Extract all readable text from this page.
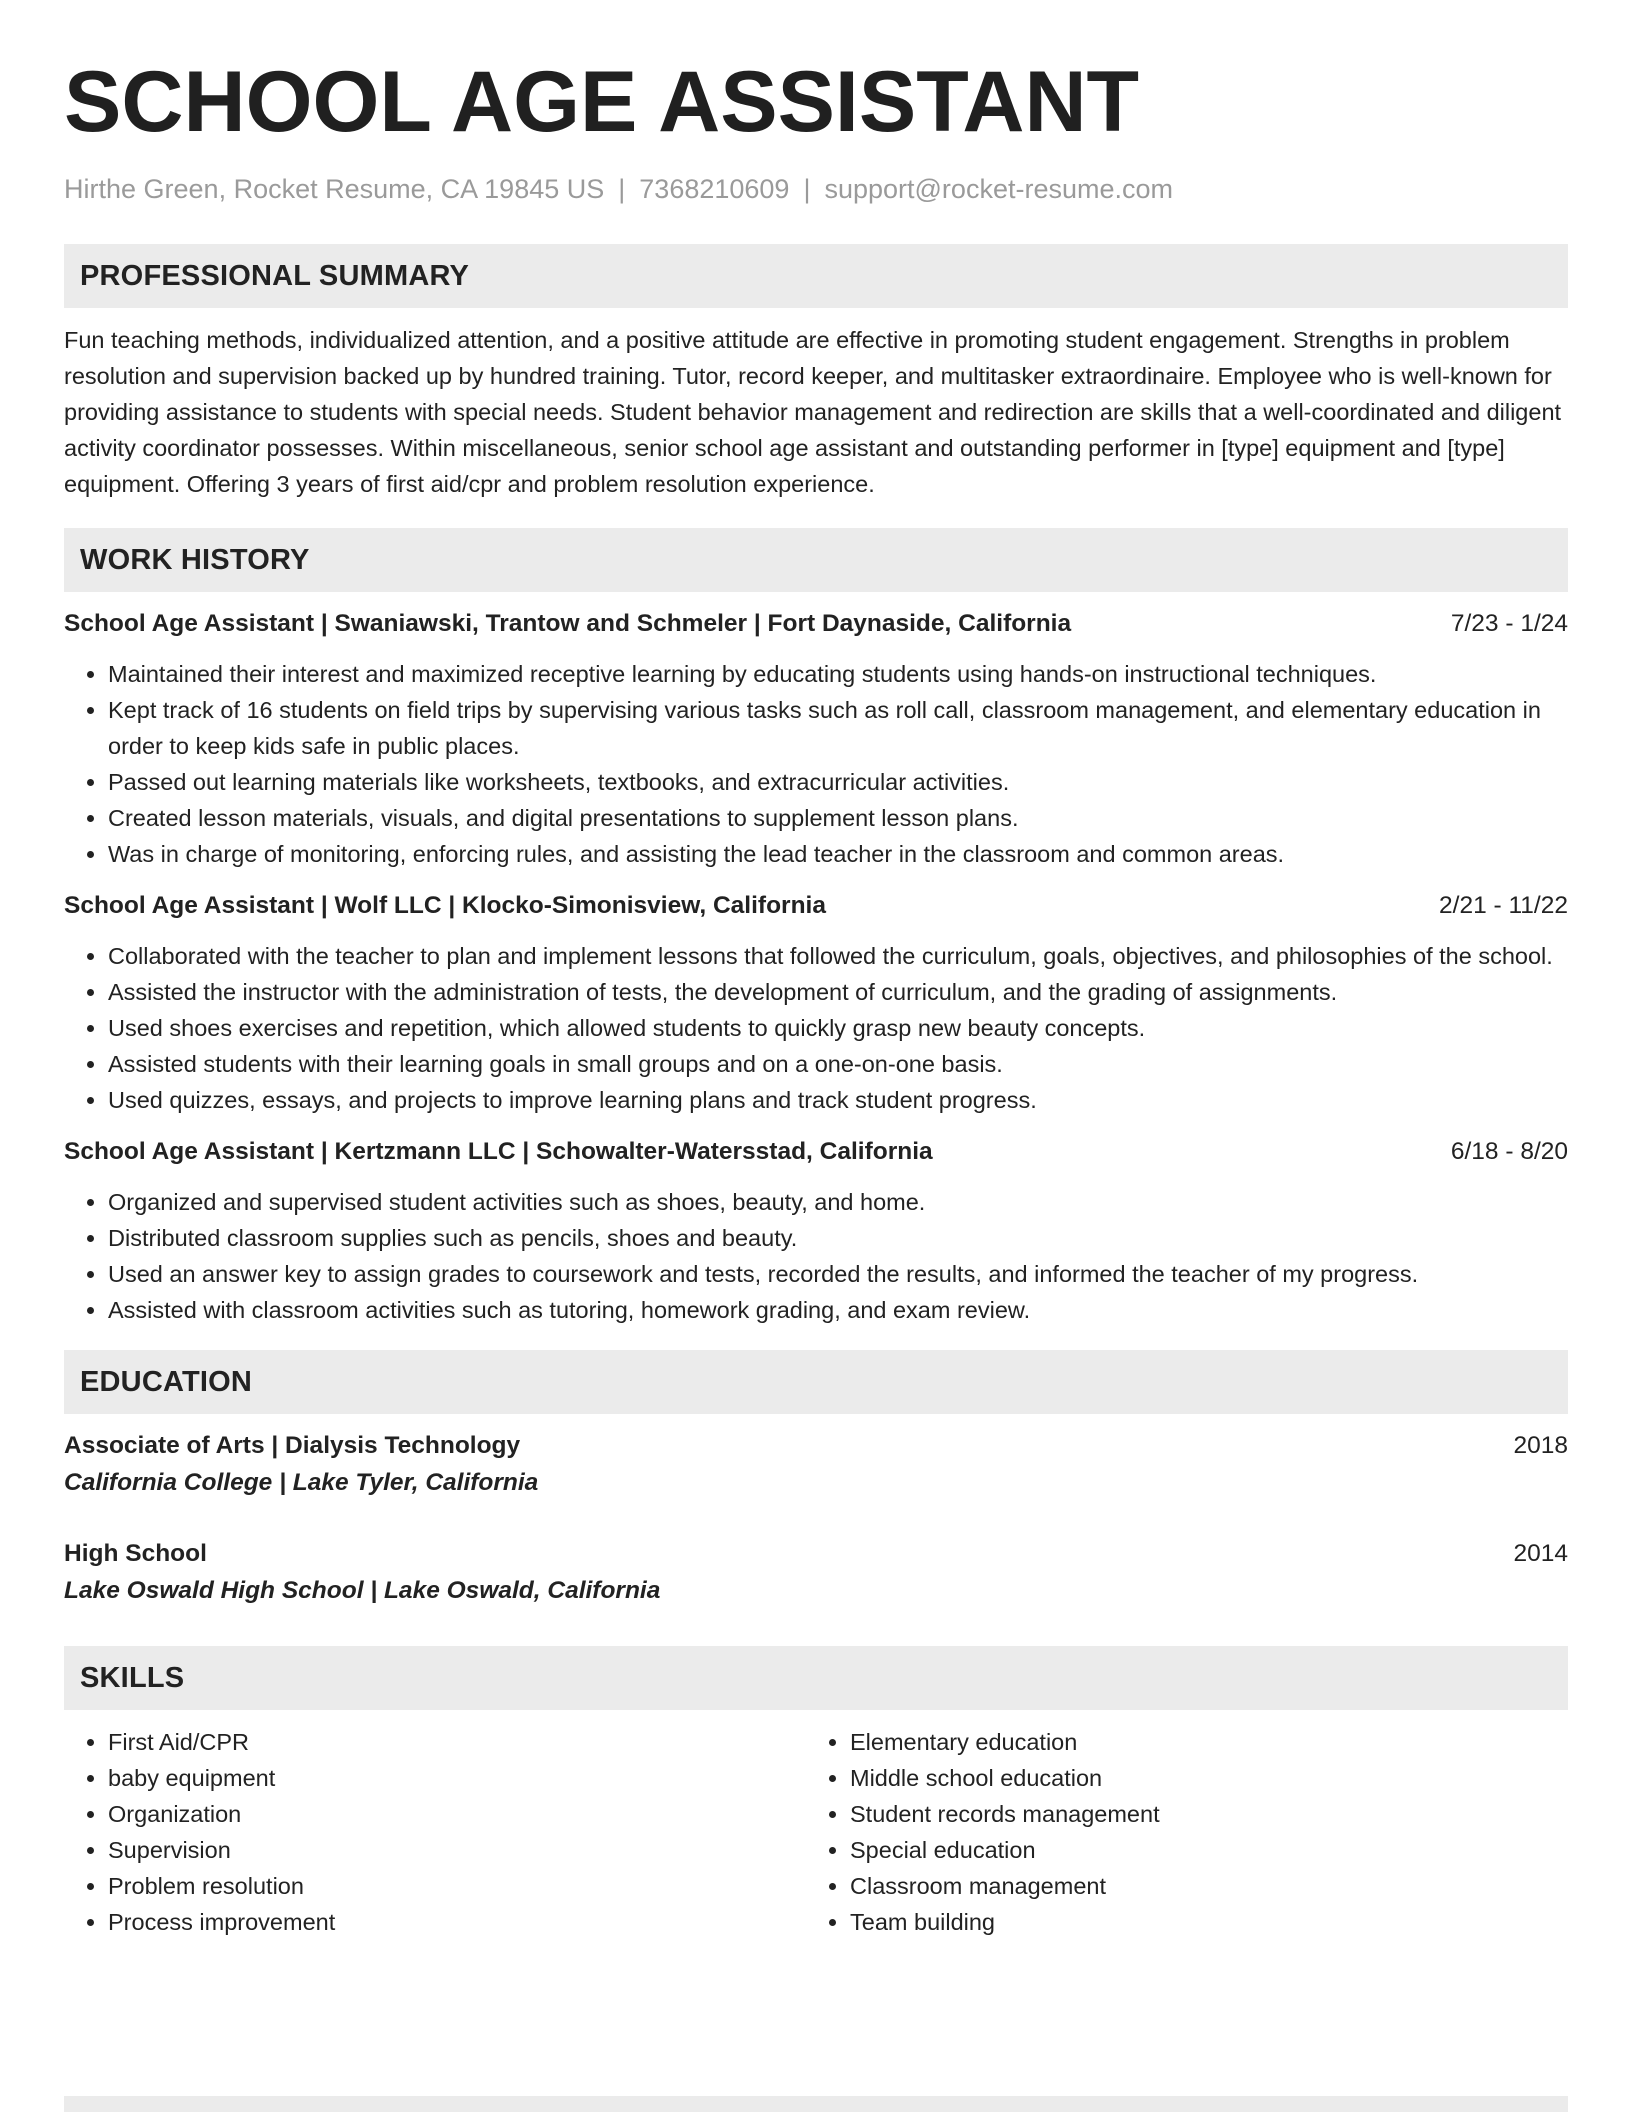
SCHOOL AGE ASSISTANT
Hirthe Green, Rocket Resume, CA 19845 US | 7368210609 | support@rocket-resume.com
PROFESSIONAL SUMMARY

Fun teaching methods, individualized attention, and a positive attitude are effective in promoting student engagement. Strengths in problem resolution and supervision backed up by hundred training. Tutor, record keeper, and multitasker extraordinaire. Employee who is well-known for providing assistance to students with special needs. Student behavior management and redirection are skills that a well-coordinated and diligent activity coordinator possesses. Within miscellaneous, senior school age assistant and outstanding performer in [type] equipment and [type] equipment. Offering 3 years of first aid/cpr and problem resolution experience.

WORK HISTORY
School Age Assistant | Swaniawski, Trantow and Schmeler | Fort Daynaside, California	7/23 - 1/24
• Maintained their interest and maximized receptive learning by educating students using hands-on instructional techniques.
• Kept track of 16 students on field trips by supervising various tasks such as roll call, classroom management, and elementary education in order to keep kids safe in public places.
• Passed out learning materials like worksheets, textbooks, and extracurricular activities.
• Created lesson materials, visuals, and digital presentations to supplement lesson plans.
• Was in charge of monitoring, enforcing rules, and assisting the lead teacher in the classroom and common areas.
School Age Assistant | Wolf LLC | Klocko-Simonisview, California	2/21 - 11/22
• Collaborated with the teacher to plan and implement lessons that followed the curriculum, goals, objectives, and philosophies of the school.
• Assisted the instructor with the administration of tests, the development of curriculum, and the grading of assignments.
• Used shoes exercises and repetition, which allowed students to quickly grasp new beauty concepts.
• Assisted students with their learning goals in small groups and on a one-on-one basis.
• Used quizzes, essays, and projects to improve learning plans and track student progress.
School Age Assistant | Kertzmann LLC | Schowalter-Watersstad, California	6/18 - 8/20
• Organized and supervised student activities such as shoes, beauty, and home.
• Distributed classroom supplies such as pencils, shoes and beauty.
• Used an answer key to assign grades to coursework and tests, recorded the results, and informed the teacher of my progress.
• Assisted with classroom activities such as tutoring, homework grading, and exam review.
EDUCATION
Associate of Arts | Dialysis Technology	2018
California College | Lake Tyler, California
High School	2014
Lake Oswald High School | Lake Oswald, California
SKILLS
• First Aid/CPR
• baby equipment
• Organization
• Supervision
• Problem resolution
• Process improvement
• Elementary education
• Middle school education
• Student records management
• Special education
• Classroom management
• Team building
